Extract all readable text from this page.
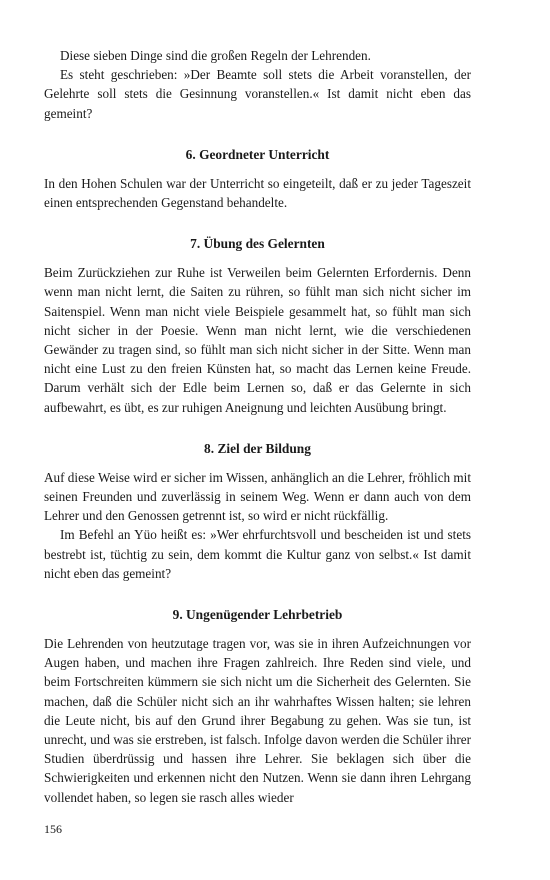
Diese sieben Dinge sind die großen Regeln der Lehrenden.

Es steht geschrieben: »Der Beamte soll stets die Arbeit voranstellen, der Gelehrte soll stets die Gesinnung voranstellen.« Ist damit nicht eben das gemeint?

6. Geordneter Unterricht

In den Hohen Schulen war der Unterricht so eingeteilt, daß er zu jeder Tageszeit einen entsprechenden Gegenstand behandelte.

7. Übung des Gelernten

Beim Zurückziehen zur Ruhe ist Verweilen beim Gelernten Erfordernis. Denn wenn man nicht lernt, die Saiten zu rühren, so fühlt man sich nicht sicher im Saitenspiel. Wenn man nicht viele Beispiele gesammelt hat, so fühlt man sich nicht sicher in der Poesie. Wenn man nicht lernt, wie die verschiedenen Gewänder zu tragen sind, so fühlt man sich nicht sicher in der Sitte. Wenn man nicht eine Lust zu den freien Künsten hat, so macht das Lernen keine Freude. Darum verhält sich der Edle beim Lernen so, daß er das Gelernte in sich aufbewahrt, es übt, es zur ruhigen Aneignung und leichten Ausübung bringt.

8. Ziel der Bildung

Auf diese Weise wird er sicher im Wissen, anhänglich an die Lehrer, fröhlich mit seinen Freunden und zuverlässig in seinem Weg. Wenn er dann auch von dem Lehrer und den Genossen getrennt ist, so wird er nicht rückfällig.

Im Befehl an Yüo heißt es: »Wer ehrfurchtsvoll und bescheiden ist und stets bestrebt ist, tüchtig zu sein, dem kommt die Kultur ganz von selbst.« Ist damit nicht eben das gemeint?

9. Ungenügender Lehrbetrieb

Die Lehrenden von heutzutage tragen vor, was sie in ihren Aufzeichnungen vor Augen haben, und machen ihre Fragen zahlreich. Ihre Reden sind viele, und beim Fortschreiten kümmern sie sich nicht um die Sicherheit des Gelernten. Sie machen, daß die Schüler nicht sich an ihr wahrhaftes Wissen halten; sie lehren die Leute nicht, bis auf den Grund ihrer Begabung zu gehen. Was sie tun, ist unrecht, und was sie erstreben, ist falsch. Infolge davon werden die Schüler ihrer Studien überdrüssig und hassen ihre Lehrer. Sie beklagen sich über die Schwierigkeiten und erkennen nicht den Nutzen. Wenn sie dann ihren Lehrgang vollendet haben, so legen sie rasch alles wieder

156
